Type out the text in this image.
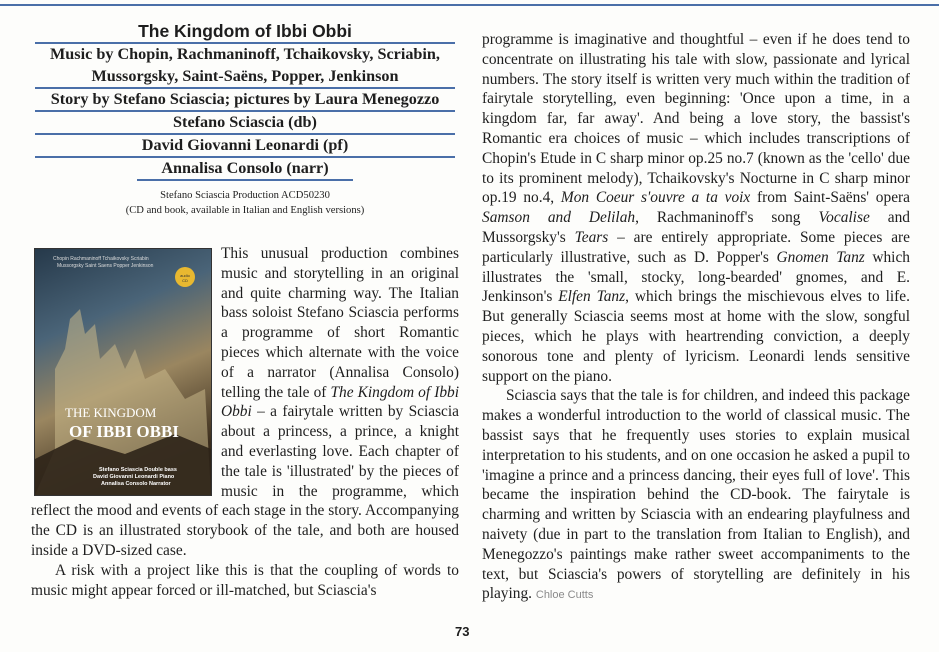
The Kingdom of Ibbi Obbi
Music by Chopin, Rachmaninoff, Tchaikovsky, Scriabin, Mussorgsky, Saint-Saëns, Popper, Jenkinson
Story by Stefano Sciascia; pictures by Laura Menegozzo
Stefano Sciascia (db)
David Giovanni Leonardi (pf)
Annalisa Consolo (narr)
Stefano Sciascia Production ACD50230
(CD and book, available in Italian and English versions)
Chopin Rachmaninoff Tchaikovsky Scriabin
Mussorgsky Saint Saens Popper Jenkinson
audio CD
THE KINGDOM
OF IBBI OBBI
Stefano Sciascia Double bass
David Giovanni Leonardi Piano
Annalisa Consolo Narrator

This unusual production combines music and storytelling in an original and quite charming way. The Italian bass soloist Stefano Sciascia performs a programme of short Romantic pieces which alternate with the voice of a narrator (Annalisa Consolo) telling the tale of The Kingdom of Ibbi Obbi – a fairytale written by Sciascia about a princess, a prince, a knight and everlasting love. Each chapter of the tale is 'illustrated' by the pieces of music in the programme, which reflect the mood and events of each stage in the story. Accompanying the CD is an illustrated storybook of the tale, and both are housed inside a DVD-sized case.

A risk with a project like this is that the coupling of words to music might appear forced or ill-matched, but Sciascia's

programme is imaginative and thoughtful – even if he does tend to concentrate on illustrating his tale with slow, passionate and lyrical numbers. The story itself is written very much within the tradition of fairytale storytelling, even beginning: 'Once upon a time, in a kingdom far, far away'. And being a love story, the bassist's Romantic era choices of music – which includes transcriptions of Chopin's Etude in C sharp minor op.25 no.7 (known as the 'cello' due to its prominent melody), Tchaikovsky's Nocturne in C sharp minor op.19 no.4, Mon Coeur s'ouvre a ta voix from Saint-Saëns' opera Samson and Delilah, Rachmaninoff's song Vocalise and Mussorgsky's Tears – are entirely appropriate. Some pieces are particularly illustrative, such as D. Popper's Gnomen Tanz which illustrates the 'small, stocky, long-bearded' gnomes, and E. Jenkinson's Elfen Tanz, which brings the mischievous elves to life. But generally Sciascia seems most at home with the slow, songful pieces, which he plays with heartrending conviction, a deeply sonorous tone and plenty of lyricism. Leonardi lends sensitive support on the piano.

Sciascia says that the tale is for children, and indeed this package makes a wonderful introduction to the world of classical music. The bassist says that he frequently uses stories to explain musical interpretation to his students, and on one occasion he asked a pupil to 'imagine a prince and a princess dancing, their eyes full of love'. This became the inspiration behind the CD-book. The fairytale is charming and written by Sciascia with an endearing playfulness and naivety (due in part to the translation from Italian to English), and Menegozzo's paintings make rather sweet accompaniments to the text, but Sciascia's powers of storytelling are definitely in his playing. Chloe Cutts

73
